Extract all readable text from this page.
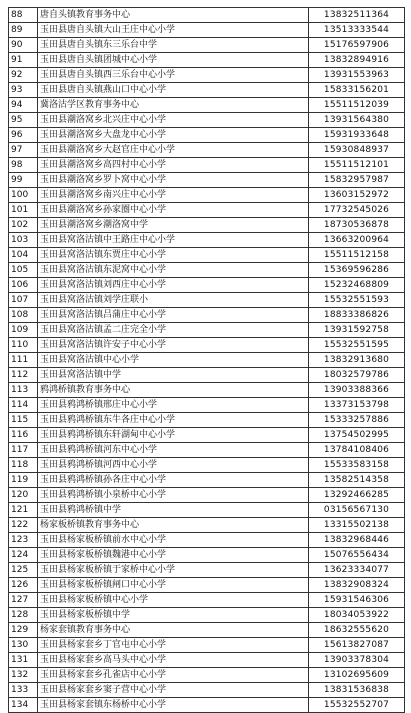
88	唐自头镇教育事务中心	13832511364
89	玉田县唐自头镇大山王庄中心小学	13513333544
90	玉田县唐自头镇东三乐台中学	15176597906
91	玉田县唐自头镇团城中心小学	13832894916
92	玉田县唐自头镇西三乐台中心小学	13931553963
93	玉田县唐自头镇燕山口中心小学	15833156201
94	冀洛沽学区教育事务中心	15511512039
95	玉田县潮洛窝乡北兴庄中心小学	13931564380
96	玉田县潮洛窝乡大盘龙中心小学	15931933648
97	玉田县潮洛窝乡大赵官庄中心小学	15930848937
98	玉田县潮洛窝乡高四村中心小学	15511512101
99	玉田县潮洛窝乡罗卜窝中心小学	15832957987
100	玉田县潮洛窝乡南兴庄中心小学	13603152972
101	玉田县潮洛窝乡孙家圈中心小学	17732545026
102	玉田县潮洛窝乡潮洛窝中学	18730536878
103	玉田县窝洛沽镇中王路庄中心小学	13663200964
104	玉田县窝洛沽镇东贾庄中心小学	15511512158
105	玉田县窝洛沽镇东泥窝中心小学	15369596286
106	玉田县窝洛沽镇刘西庄中心小学	15232468809
107	玉田县窝洛沽镇刘学庄联小	15532551593
108	玉田县窝洛沽镇吕蒲庄中心小学	18833386826
109	玉田县窝洛沽镇孟二庄完全小学	13931592758
110	玉田县窝洛沽镇许安子中心小学	15532551595
111	玉田县窝洛沽镇中心小学	13832913680
112	玉田县窝洛沽镇中学	18032579786
113	鸦鸿桥镇教育事务中心	13903388366
114	玉田县鸦鸿桥镇邢庄中心小学	13373153798
115	玉田县鸦鸿桥镇东牛各庄中心小学	15333257886
116	玉田县鸦鸿桥镇东轩湖甸中心小学	13754502995
117	玉田县鸦鸿桥镇河东中心小学	13784108406
118	玉田县鸦鸿桥镇河西中心小学	15533583158
119	玉田县鸦鸿桥镇孙各庄中心小学	13582514358
120	玉田县鸦鸿桥镇小泉桥中心小学	13292466285
121	玉田县鸦鸿桥镇中学	03156567130
122	杨家板桥镇教育事务中心	13315502138
123	玉田县杨家板桥镇前水中心小学	13832968446
124	玉田县杨家板桥镇魏港中心小学	15076556434
125	玉田县杨家板桥镇于家桥中心小学	13623334077
126	玉田县杨家板桥镇闸口中心小学	13832908324
127	玉田县杨家板桥镇中心小学	15931546306
128	玉田县杨家板桥镇中学	18034053922
129	杨家套镇教育事务中心	18632555620
130	玉田县杨家套乡丁官屯中心小学	15613827087
131	玉田县杨家套乡高马头中心小学	13903378304
132	玉田县杨家套乡孔雀店中心小学	13102695609
133	玉田县杨家套乡窦子营中心小学	13831536838
134	玉田县杨家套镇东杨桥中心小学	15532552707
